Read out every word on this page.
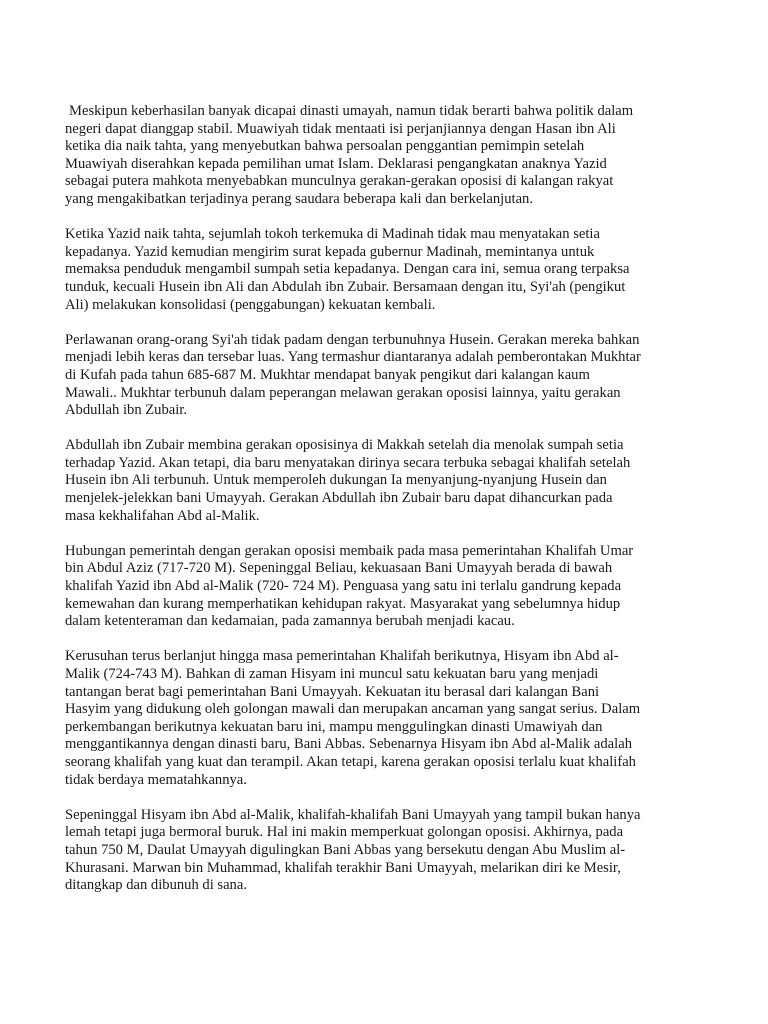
Meskipun keberhasilan banyak dicapai dinasti umayah, namun tidak berarti bahwa politik dalam
negeri dapat dianggap stabil. Muawiyah tidak mentaati isi perjanjiannya dengan Hasan ibn Ali
ketika dia naik tahta, yang menyebutkan bahwa persoalan penggantian pemimpin setelah
Muawiyah diserahkan kepada pemilihan umat Islam. Deklarasi pengangkatan anaknya Yazid
sebagai putera mahkota menyebabkan munculnya gerakan-gerakan oposisi di kalangan rakyat
yang mengakibatkan terjadinya perang saudara beberapa kali dan berkelanjutan.

Ketika Yazid naik tahta, sejumlah tokoh terkemuka di Madinah tidak mau menyatakan setia
kepadanya. Yazid kemudian mengirim surat kepada gubernur Madinah, memintanya untuk
memaksa penduduk mengambil sumpah setia kepadanya. Dengan cara ini, semua orang terpaksa
tunduk, kecuali Husein ibn Ali dan Abdulah ibn Zubair. Bersamaan dengan itu, Syi'ah (pengikut
Ali) melakukan konsolidasi (penggabungan) kekuatan kembali.

Perlawanan orang-orang Syi'ah tidak padam dengan terbunuhnya Husein. Gerakan mereka bahkan
menjadi lebih keras dan tersebar luas. Yang termashur diantaranya adalah pemberontakan Mukhtar
di Kufah pada tahun 685-687 M. Mukhtar mendapat banyak pengikut dari kalangan kaum
Mawali.. Mukhtar terbunuh dalam peperangan melawan gerakan oposisi lainnya, yaitu gerakan
Abdullah ibn Zubair.

Abdullah ibn Zubair membina gerakan oposisinya di Makkah setelah dia menolak sumpah setia
terhadap Yazid. Akan tetapi, dia baru menyatakan dirinya secara terbuka sebagai khalifah setelah
Husein ibn Ali terbunuh. Untuk memperoleh dukungan Ia menyanjung-nyanjung Husein dan
menjelek-jelekkan bani Umayyah. Gerakan Abdullah ibn Zubair baru dapat dihancurkan pada
masa kekhalifahan Abd al-Malik.

Hubungan pemerintah dengan gerakan oposisi membaik pada masa pemerintahan Khalifah Umar
bin Abdul Aziz (717-720 M). Sepeninggal Beliau, kekuasaan Bani Umayyah berada di bawah
khalifah Yazid ibn Abd al-Malik (720- 724 M). Penguasa yang satu ini terlalu gandrung kepada
kemewahan dan kurang memperhatikan kehidupan rakyat. Masyarakat yang sebelumnya hidup
dalam ketenteraman dan kedamaian, pada zamannya berubah menjadi kacau.

Kerusuhan terus berlanjut hingga masa pemerintahan Khalifah berikutnya, Hisyam ibn Abd al-
Malik (724-743 M). Bahkan di zaman Hisyam ini muncul satu kekuatan baru yang menjadi
tantangan berat bagi pemerintahan Bani Umayyah. Kekuatan itu berasal dari kalangan Bani
Hasyim yang didukung oleh golongan mawali dan merupakan ancaman yang sangat serius. Dalam
perkembangan berikutnya kekuatan baru ini, mampu menggulingkan dinasti Umawiyah dan
menggantikannya dengan dinasti baru, Bani Abbas. Sebenarnya Hisyam ibn Abd al-Malik adalah
seorang khalifah yang kuat dan terampil. Akan tetapi, karena gerakan oposisi terlalu kuat khalifah
tidak berdaya mematahkannya.

Sepeninggal Hisyam ibn Abd al-Malik, khalifah-khalifah Bani Umayyah yang tampil bukan hanya
lemah tetapi juga bermoral buruk. Hal ini makin memperkuat golongan oposisi. Akhirnya, pada
tahun 750 M, Daulat Umayyah digulingkan Bani Abbas yang bersekutu dengan Abu Muslim al-
Khurasani. Marwan bin Muhammad, khalifah terakhir Bani Umayyah, melarikan diri ke Mesir,
ditangkap dan dibunuh di sana.
